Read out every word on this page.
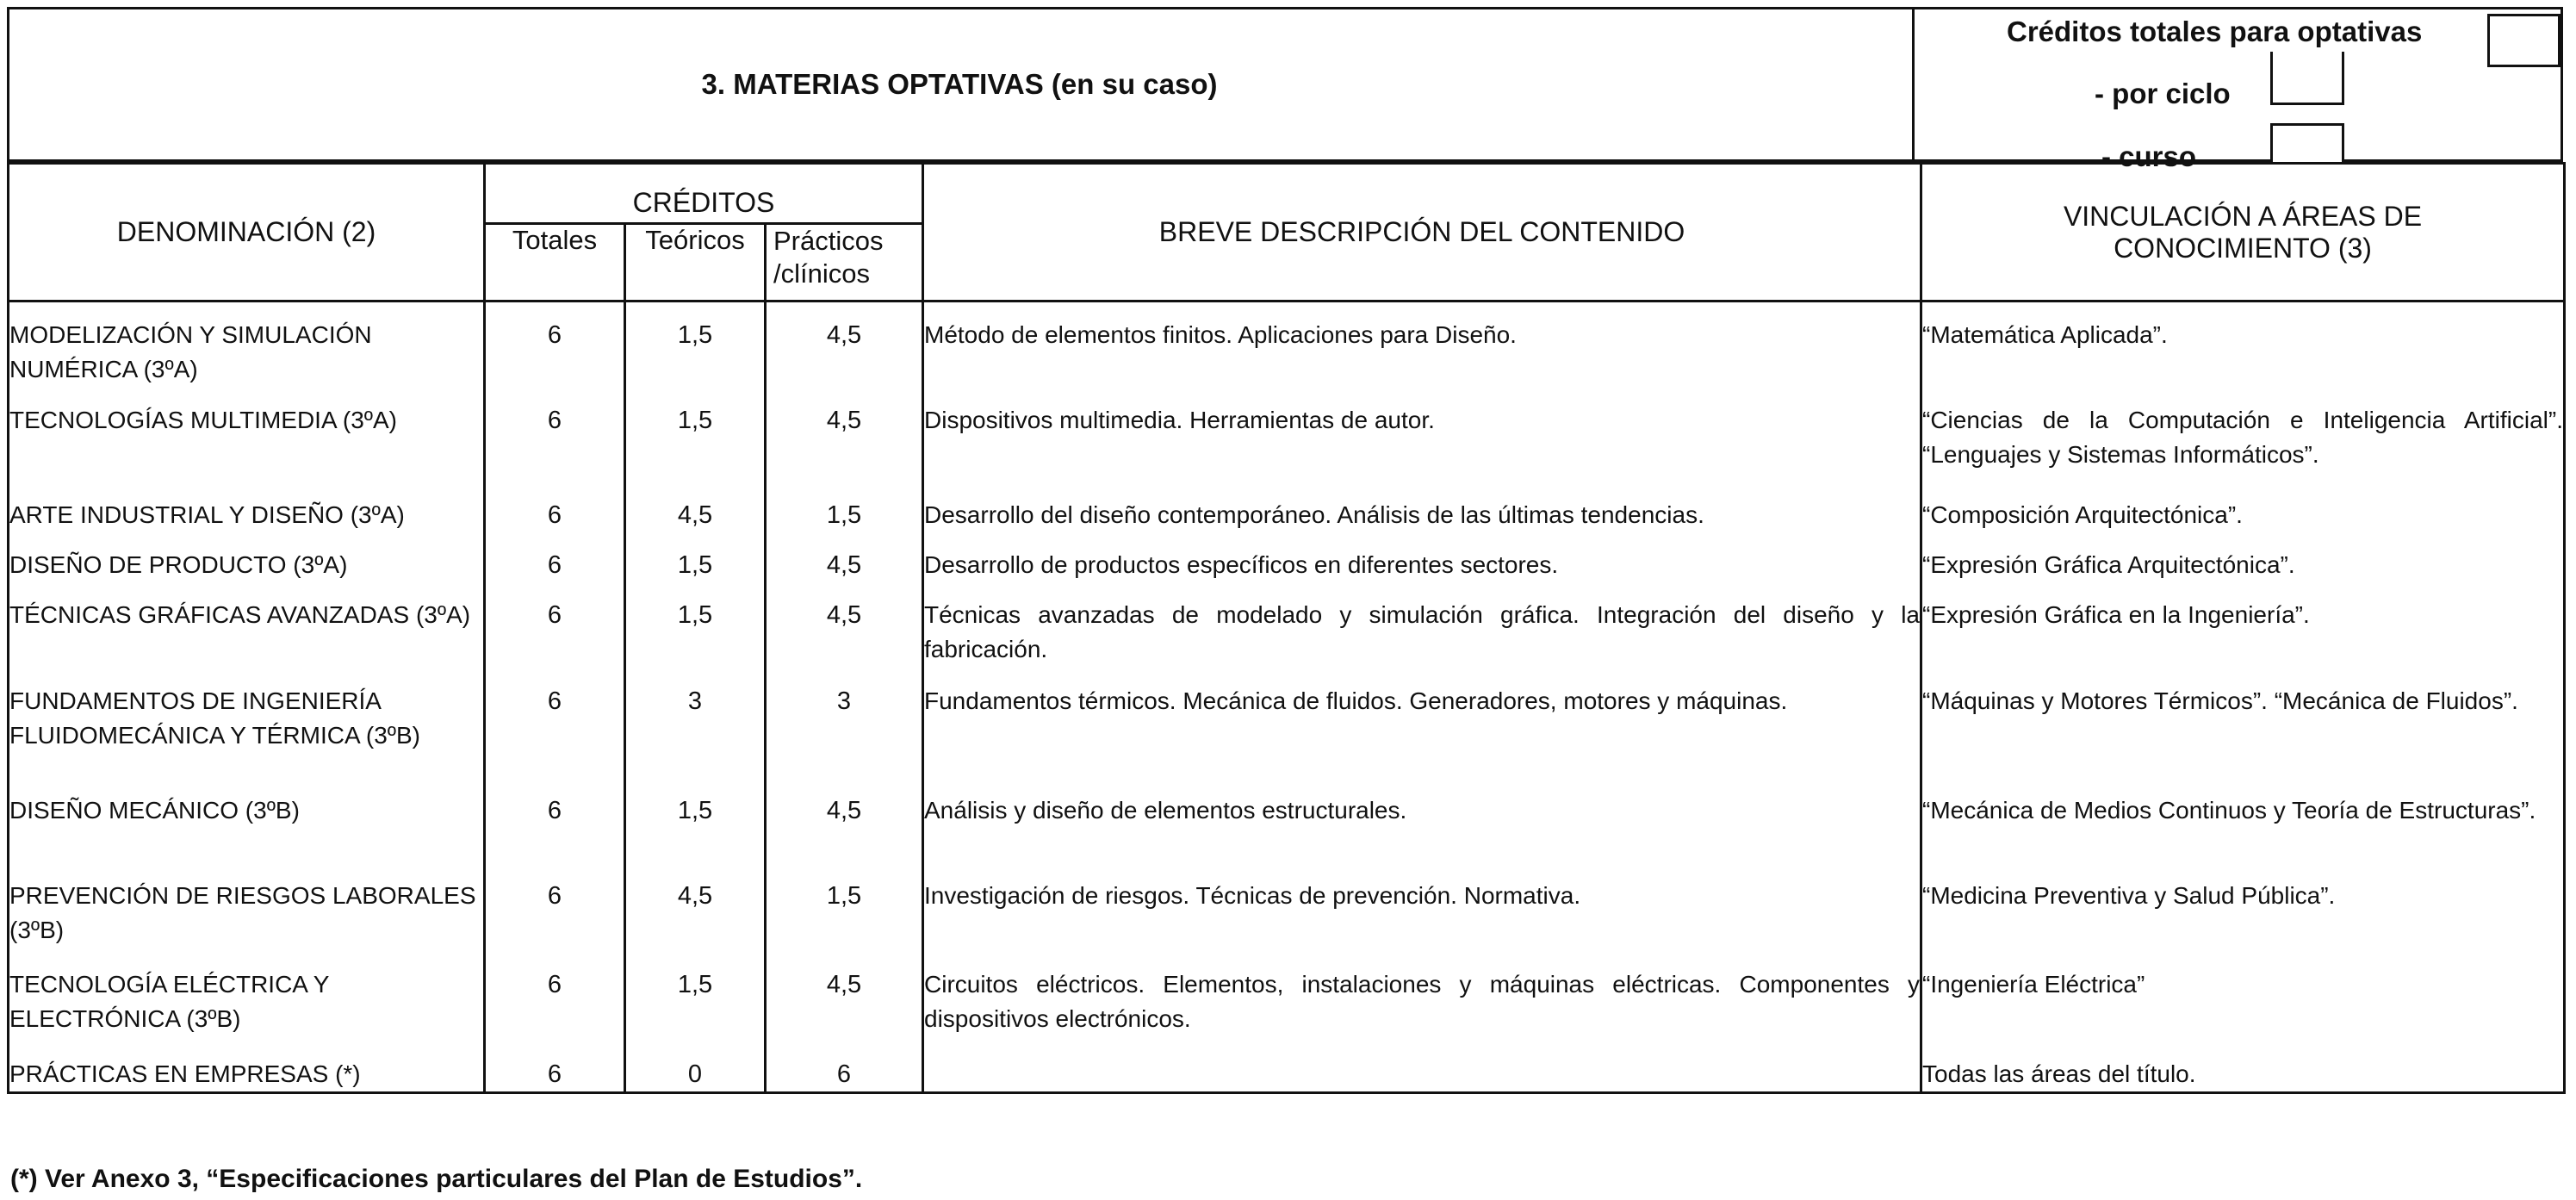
3. MATERIAS OPTATIVAS (en su caso)
Créditos totales para optativas
- por ciclo
- curso
DENOMINACIÓN (2)	CRÉDITOS			BREVE DESCRIPCIÓN DEL CONTENIDO	VINCULACIÓN A ÁREAS DE CONOCIMIENTO (3)
	Totales	Teóricos	Prácticos /clínicos		
MODELIZACIÓN Y SIMULACIÓN NUMÉRICA (3ºA)	6	1,5	4,5	Método de elementos finitos. Aplicaciones para Diseño.	“Matemática Aplicada”.
TECNOLOGÍAS MULTIMEDIA (3ºA)	6	1,5	4,5	Dispositivos multimedia. Herramientas de autor.	“Ciencias de la Computación e Inteligencia Artificial”. “Lenguajes y Sistemas Informáticos”.
ARTE INDUSTRIAL Y DISEÑO (3ºA)	6	4,5	1,5	Desarrollo del diseño contemporáneo. Análisis de las últimas tendencias.	“Composición Arquitectónica”.
DISEÑO DE PRODUCTO (3ºA)	6	1,5	4,5	Desarrollo de productos específicos en diferentes sectores.	“Expresión Gráfica Arquitectónica”.
TÉCNICAS GRÁFICAS AVANZADAS (3ºA)	6	1,5	4,5	Técnicas avanzadas de modelado y simulación gráfica. Integración del diseño y la fabricación.	“Expresión Gráfica en la Ingeniería”.
FUNDAMENTOS DE INGENIERÍA FLUIDOMECÁNICA Y TÉRMICA (3ºB)	6	3	3	Fundamentos térmicos. Mecánica de fluidos. Generadores, motores y máquinas.	“Máquinas y Motores Térmicos”. “Mecánica de Fluidos”.
DISEÑO MECÁNICO (3ºB)	6	1,5	4,5	Análisis y diseño de elementos estructurales.	“Mecánica de Medios Continuos y Teoría de Estructuras”.
PREVENCIÓN DE RIESGOS LABORALES (3ºB)	6	4,5	1,5	Investigación de riesgos. Técnicas de prevención. Normativa.	“Medicina Preventiva y Salud Pública”.
TECNOLOGÍA ELÉCTRICA Y ELECTRÓNICA (3ºB)	6	1,5	4,5	Circuitos eléctricos. Elementos, instalaciones y máquinas eléctricas. Componentes y dispositivos electrónicos.	“Ingeniería Eléctrica”
PRÁCTICAS EN EMPRESAS (*)	6	0	6		Todas las áreas del título.
(*) Ver Anexo 3, “Especificaciones particulares del Plan de Estudios”.
